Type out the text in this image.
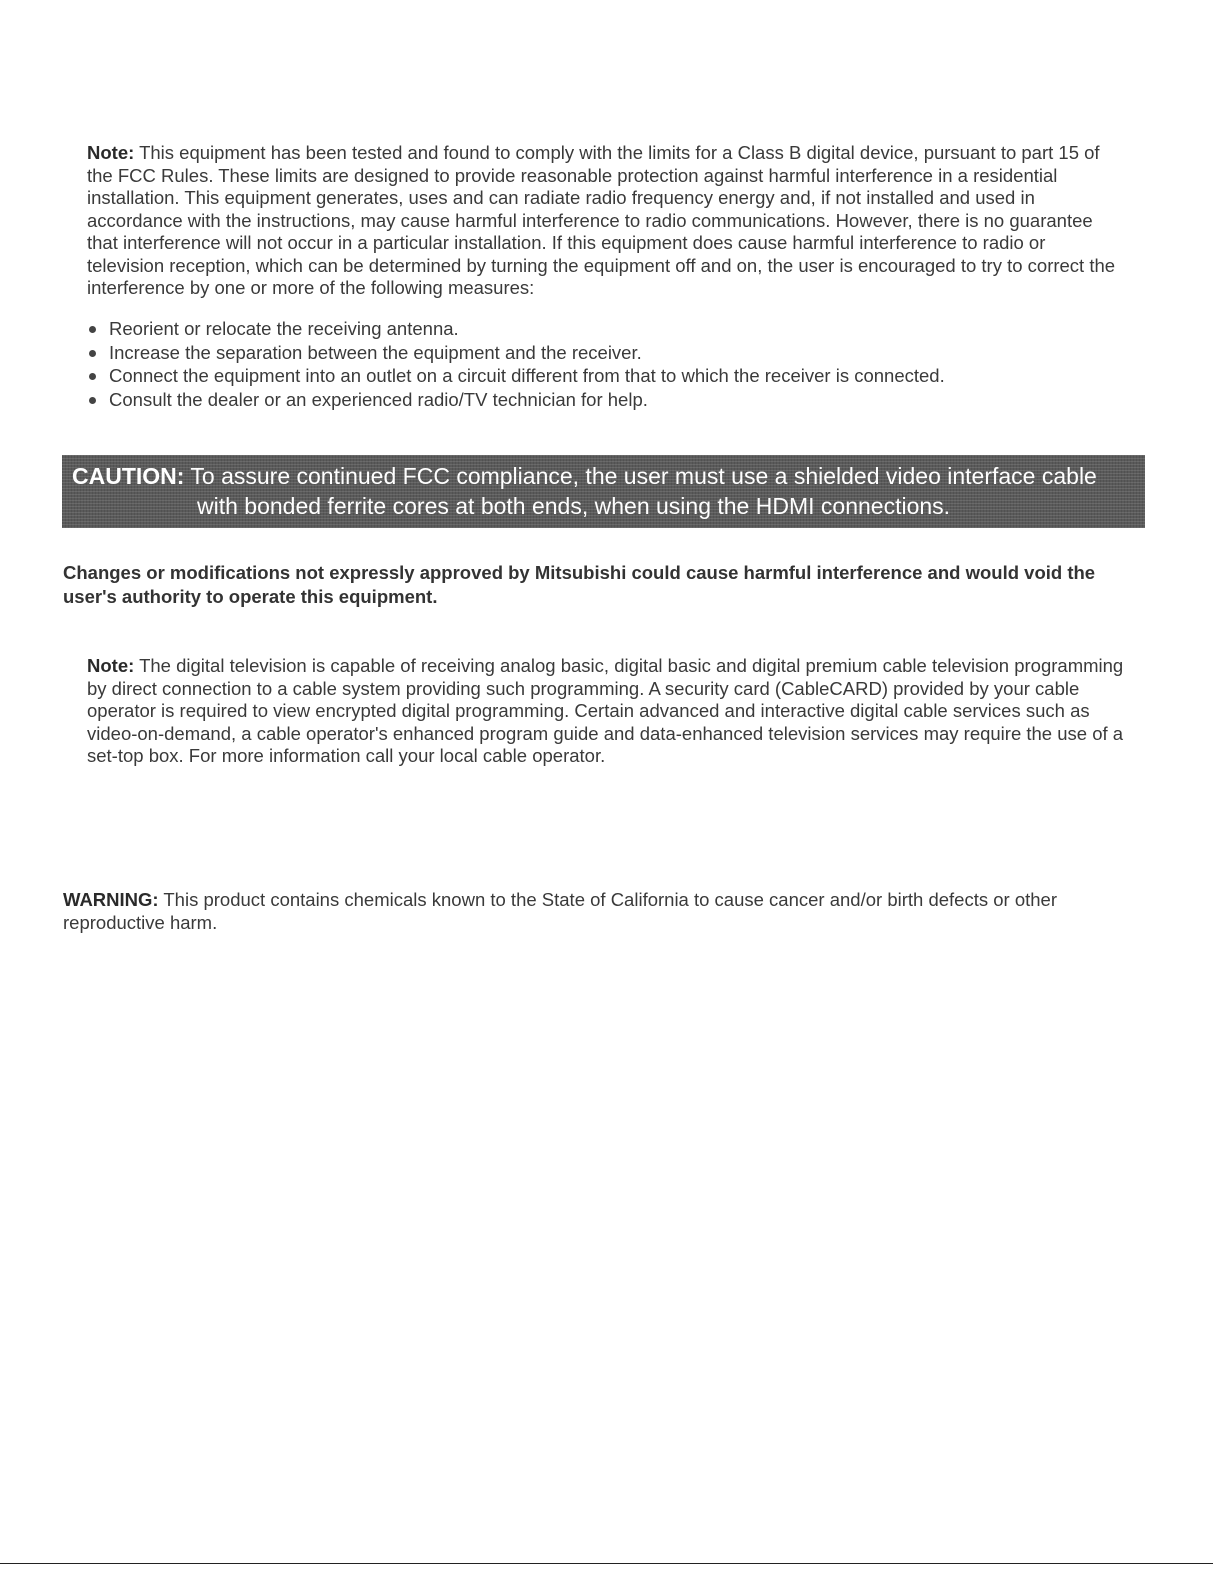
Note: This equipment has been tested and found to comply with the limits for a Class B digital device, pursuant to part 15 of the FCC Rules. These limits are designed to provide reasonable protection against harmful interference in a residential installation. This equipment generates, uses and can radiate radio frequency energy and, if not installed and used in accordance with the instructions, may cause harmful interference to radio communications. However, there is no guarantee that interference will not occur in a particular installation. If this equipment does cause harmful interference to radio or television reception, which can be determined by turning the equipment off and on, the user is encouraged to try to correct the interference by one or more of the following measures:

Reorient or relocate the receiving antenna.
Increase the separation between the equipment and the receiver.
Connect the equipment into an outlet on a circuit different from that to which the receiver is connected.
Consult the dealer or an experienced radio/TV technician for help.
CAUTION: To assure continued FCC compliance, the user must use a shielded video interface cable
with bonded ferrite cores at both ends, when using the HDMI connections.

Changes or modifications not expressly approved by Mitsubishi could cause harmful interference and would void the user's authority to operate this equipment.

Note: The digital television is capable of receiving analog basic, digital basic and digital premium cable television programming by direct connection to a cable system providing such programming. A security card (CableCARD) provided by your cable operator is required to view encrypted digital programming. Certain advanced and interactive digital cable services such as video-on-demand, a cable operator's enhanced program guide and data-enhanced television services may require the use of a set-top box. For more information call your local cable operator.

WARNING: This product contains chemicals known to the State of California to cause cancer and/or birth defects or other reproductive harm.
